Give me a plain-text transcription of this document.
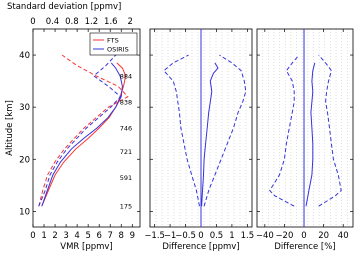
0 1 2 3 4 5 6 7 8 9
VMR [ppmv]
10
20
30
40
Altitude [km]
0 0.4 0.8 1.2 1.6 2
Standard deviation [ppmv]
175
591
721
746
838
884
FTS
OSIRIS
−1.5
−1
−0.5 0 0.5 1 1.5
Difference [ppmv]
−40 −20 0 20 40
Difference [%]
